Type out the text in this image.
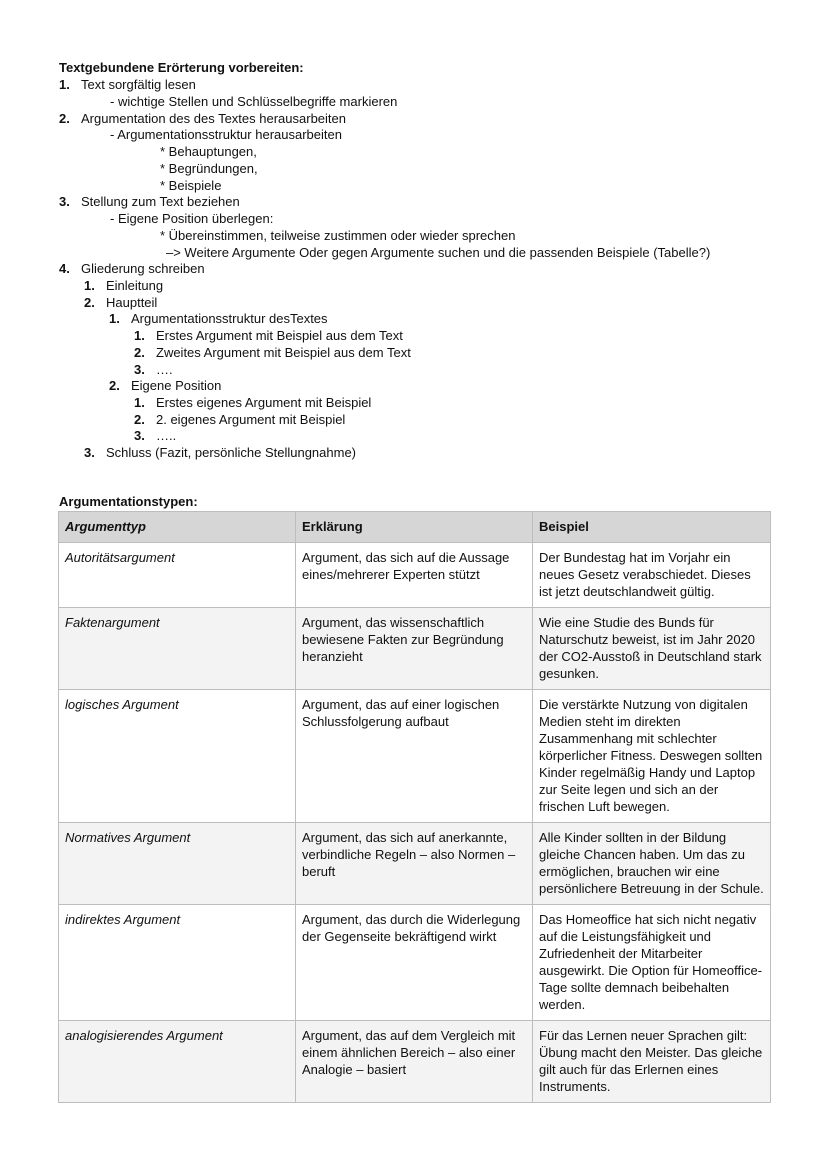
Textgebundene Erörterung vorbereiten:
1. Text sorgfältig lesen
- wichtige Stellen und Schlüsselbegriffe markieren
2. Argumentation des des Textes herausarbeiten
- Argumentationsstruktur herausarbeiten
* Behauptungen,
* Begründungen,
* Beispiele
3. Stellung zum Text beziehen
- Eigene Position überlegen:
* Übereinstimmen, teilweise zustimmen oder wieder sprechen
–> Weitere Argumente Oder gegen Argumente suchen und die passenden Beispiele (Tabelle?)
4. Gliederung schreiben
1. Einleitung
2. Hauptteil
1. Argumentationsstruktur desTextes
1. Erstes Argument mit Beispiel aus dem Text
2. Zweites Argument mit Beispiel aus dem Text
3. ….
2. Eigene Position
1. Erstes eigenes Argument mit Beispiel
2. 2. eigenes Argument mit Beispiel
3. …..
3. Schluss (Fazit, persönliche Stellungnahme)
Argumentationstypen:
Argumenttyp	Erklärung	Beispiel
Autoritätsargument	Argument, das sich auf die Aussage eines/mehrerer Experten stützt	Der Bundestag hat im Vorjahr ein neues Gesetz verabschiedet. Dieses ist jetzt deutschlandweit gültig.
Faktenargument	Argument, das wissenschaftlich bewiesene Fakten zur Begründung heranzieht	Wie eine Studie des Bunds für Naturschutz beweist, ist im Jahr 2020 der CO2-Ausstoß in Deutschland stark gesunken.
logisches Argument	Argument, das auf einer logischen Schlussfolgerung aufbaut	Die verstärkte Nutzung von digitalen Medien steht im direkten Zusammenhang mit schlechter körperlicher Fitness. Deswegen sollten Kinder regelmäßig Handy und Laptop zur Seite legen und sich an der frischen Luft bewegen.
Normatives Argument	Argument, das sich auf anerkannte, verbindliche Regeln – also Normen – beruft	Alle Kinder sollten in der Bildung gleiche Chancen haben. Um das zu ermöglichen, brauchen wir eine persönlichere Betreuung in der Schule.
indirektes Argument	Argument, das durch die Widerlegung der Gegenseite bekräftigend wirkt	Das Homeoffice hat sich nicht negativ auf die Leistungsfähigkeit und Zufriedenheit der Mitarbeiter ausgewirkt. Die Option für Homeoffice-Tage sollte demnach beibehalten werden.
analogisierendes Argument	Argument, das auf dem Vergleich mit einem ähnlichen Bereich – also einer Analogie – basiert	Für das Lernen neuer Sprachen gilt: Übung macht den Meister. Das gleiche gilt auch für das Erlernen eines Instruments.
